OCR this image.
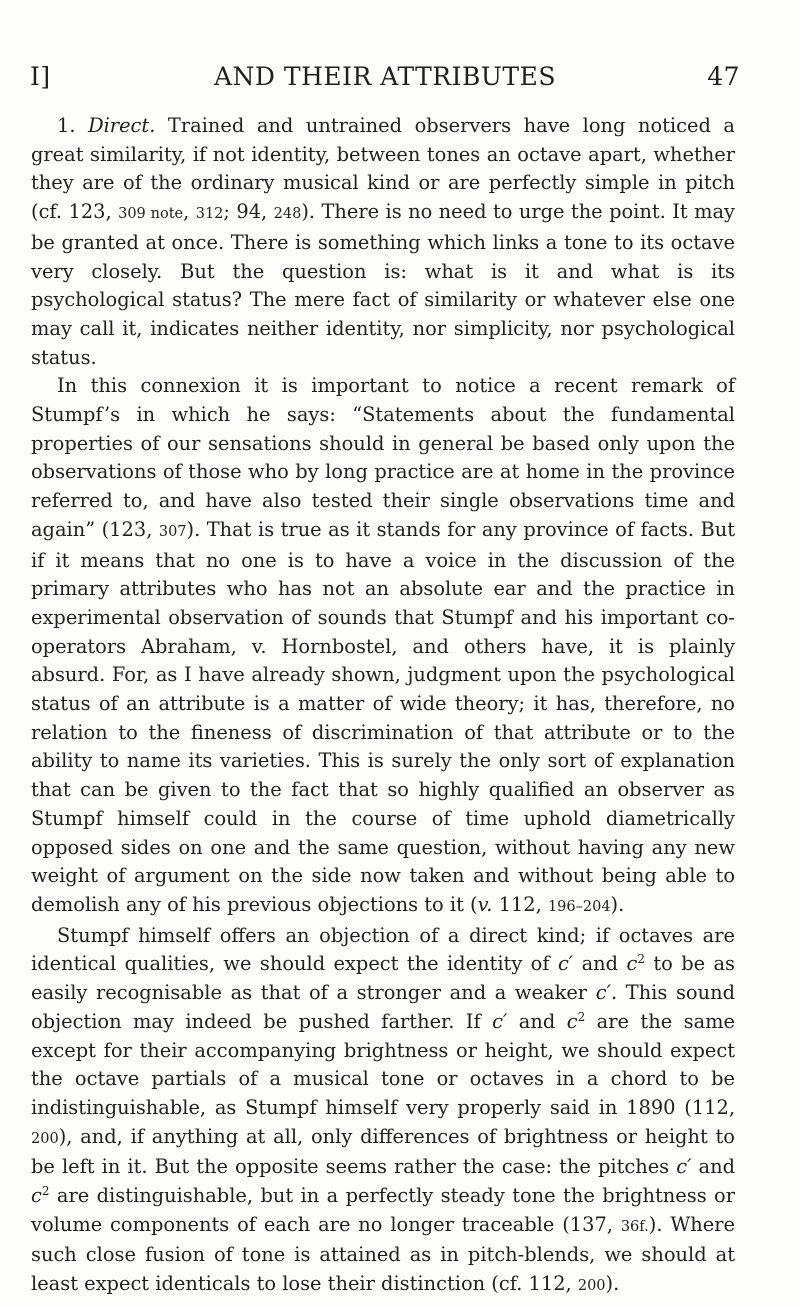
I]	AND THEIR ATTRIBUTES	47

1. Direct. Trained and untrained observers have long noticed a great similarity, if not identity, between tones an octave apart, whether they are of the ordinary musical kind or are perfectly simple in pitch (cf. 123, 309 note, 312; 94, 248). There is no need to urge the point. It may be granted at once. There is something which links a tone to its octave very closely. But the question is: what is it and what is its psychological status? The mere fact of similarity or whatever else one may call it, indicates neither identity, nor simplicity, nor psychological status.

In this connexion it is important to notice a recent remark of Stumpf’s in which he says: “Statements about the fundamental properties of our sensations should in general be based only upon the observations of those who by long practice are at home in the province referred to, and have also tested their single observations time and again” (123, 307). That is true as it stands for any province of facts. But if it means that no one is to have a voice in the discussion of the primary attributes who has not an absolute ear and the practice in experimental observation of sounds that Stumpf and his important co-operators Abraham, v. Hornbostel, and others have, it is plainly absurd. For, as I have already shown, judgment upon the psychological status of an attribute is a matter of wide theory; it has, therefore, no relation to the fineness of discrimination of that attribute or to the ability to name its varieties. This is surely the only sort of explanation that can be given to the fact that so highly qualified an observer as Stumpf himself could in the course of time uphold diametrically opposed sides on one and the same question, without having any new weight of argument on the side now taken and without being able to demolish any of his previous objections to it (v. 112, 196–204).

Stumpf himself offers an objection of a direct kind; if octaves are identical qualities, we should expect the identity of c′ and $c^2$ to be as easily recognisable as that of a stronger and a weaker c′. This sound objection may indeed be pushed farther. If c′ and $c^2$ are the same except for their accompanying brightness or height, we should expect the octave partials of a musical tone or octaves in a chord to be indistinguishable, as Stumpf himself very properly said in 1890 (112, 200), and, if anything at all, only differences of brightness or height to be left in it. But the opposite seems rather the case: the pitches c′ and $c^2$ are distinguishable, but in a perfectly steady tone the brightness or volume components of each are no longer traceable (137, 36f.). Where such close fusion of tone is attained as in pitch-blends, we should at least expect identicals to lose their distinction (cf. 112, 200).
